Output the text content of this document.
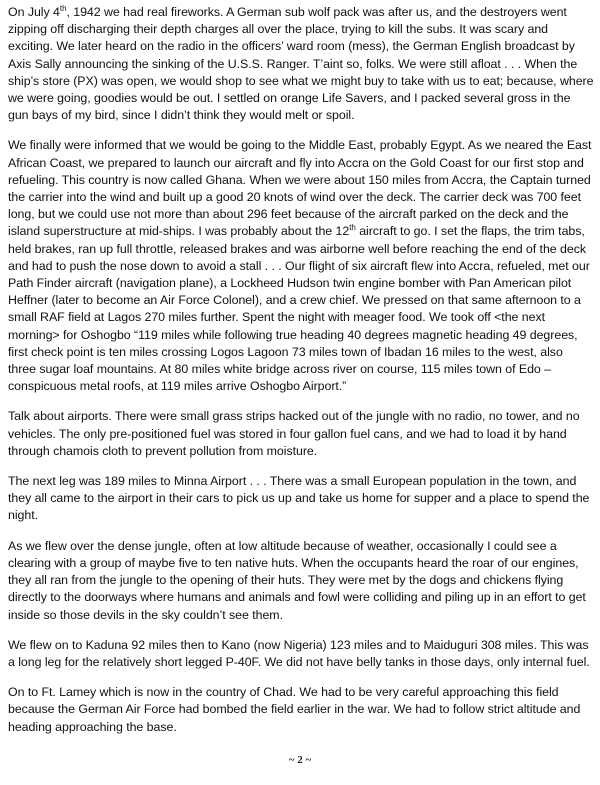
On July 4th, 1942 we had real fireworks. A German sub wolf pack was after us, and the destroyers went zipping off discharging their depth charges all over the place, trying to kill the subs. It was scary and exciting. We later heard on the radio in the officers’ ward room (mess), the German English broadcast by Axis Sally announcing the sinking of the U.S.S. Ranger. T’aint so, folks. We were still afloat . . . When the ship’s store (PX) was open, we would shop to see what we might buy to take with us to eat; because, where we were going, goodies would be out. I settled on orange Life Savers, and I packed several gross in the gun bays of my bird, since I didn’t think they would melt or spoil.

We finally were informed that we would be going to the Middle East, probably Egypt. As we neared the East African Coast, we prepared to launch our aircraft and fly into Accra on the Gold Coast for our first stop and refueling. This country is now called Ghana. When we were about 150 miles from Accra, the Captain turned the carrier into the wind and built up a good 20 knots of wind over the deck. The carrier deck was 700 feet long, but we could use not more than about 296 feet because of the aircraft parked on the deck and the island superstructure at mid-ships. I was probably about the 12th aircraft to go. I set the flaps, the trim tabs, held brakes, ran up full throttle, released brakes and was airborne well before reaching the end of the deck and had to push the nose down to avoid a stall . . . Our flight of six aircraft flew into Accra, refueled, met our Path Finder aircraft (navigation plane), a Lockheed Hudson twin engine bomber with Pan American pilot Heffner (later to become an Air Force Colonel), and a crew chief. We pressed on that same afternoon to a small RAF field at Lagos 270 miles further. Spent the night with meager food. We took off <the next morning> for Oshogbo “119 miles while following true heading 40 degrees magnetic heading 49 degrees, first check point is ten miles crossing Logos Lagoon 73 miles town of Ibadan 16 miles to the west, also three sugar loaf mountains. At 80 miles white bridge across river on course, 115 miles town of Edo – conspicuous metal roofs, at 119 miles arrive Oshogbo Airport.”

Talk about airports. There were small grass strips hacked out of the jungle with no radio, no tower, and no vehicles. The only pre-positioned fuel was stored in four gallon fuel cans, and we had to load it by hand through chamois cloth to prevent pollution from moisture.

The next leg was 189 miles to Minna Airport . . . There was a small European population in the town, and they all came to the airport in their cars to pick us up and take us home for supper and a place to spend the night.

As we flew over the dense jungle, often at low altitude because of weather, occasionally I could see a clearing with a group of maybe five to ten native huts. When the occupants heard the roar of our engines, they all ran from the jungle to the opening of their huts. They were met by the dogs and chickens flying directly to the doorways where humans and animals and fowl were colliding and piling up in an effort to get inside so those devils in the sky couldn’t see them.

We flew on to Kaduna 92 miles then to Kano (now Nigeria) 123 miles and to Maiduguri 308 miles. This was a long leg for the relatively short legged P-40F. We did not have belly tanks in those days, only internal fuel.

On to Ft. Lamey which is now in the country of Chad. We had to be very careful approaching this field because the German Air Force had bombed the field earlier in the war. We had to follow strict altitude and heading approaching the base.

~ 2 ~
